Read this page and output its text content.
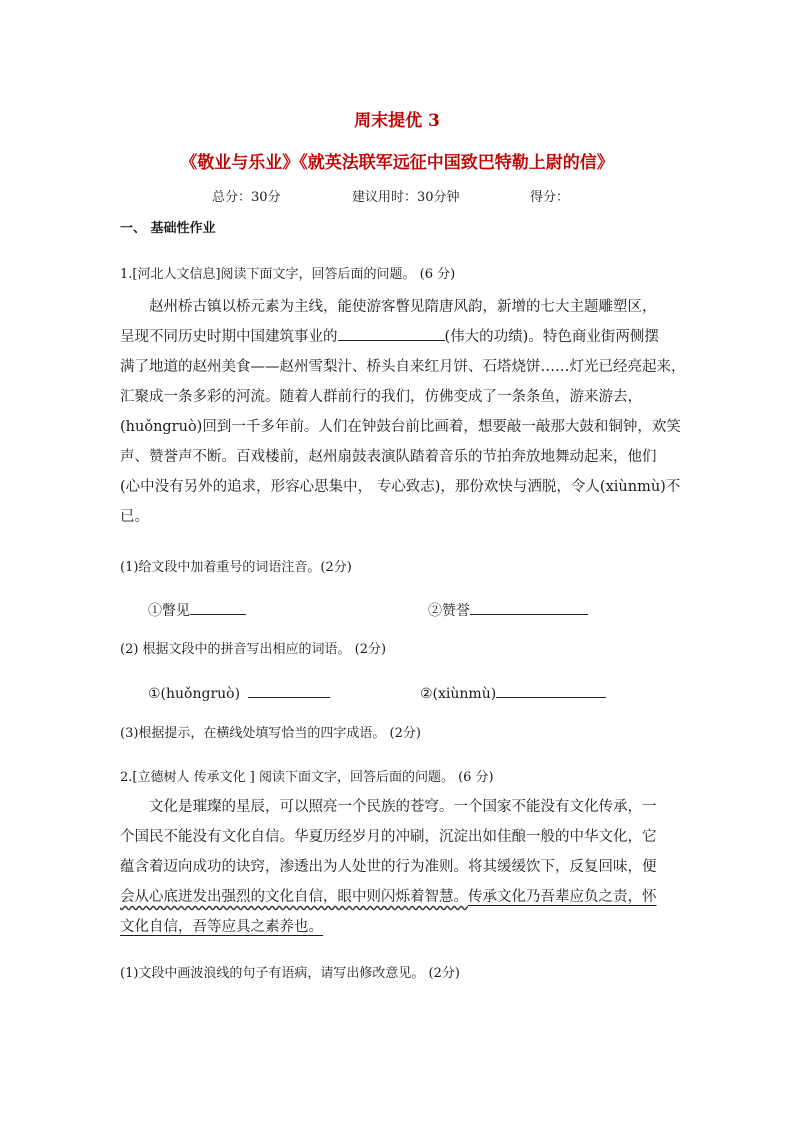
周末提优 3
《敬业与乐业》《就英法联军远征中国致巴特勒上尉的信》
总分：30分	建议用时：30分钟	得分：
一、 基础性作业
1.[河北人文信息]阅读下面文字，回答后面的问题。 (6 分)
赵州桥古镇以桥元素为主线，能使游客瞥见隋唐风韵，新增的七大主题雕塑区，
呈现不同历史时期中国建筑事业的	(伟大的功绩)。特色商业街两侧摆
满了地道的赵州美食——赵州雪梨汁、桥头自来红月饼、石塔烧饼……灯光已经亮起来，
汇聚成一条多彩的河流。随着人群前行的我们，仿佛变成了一条条鱼，游来游去，
(huǒngruò)回到一千多年前。人们在钟鼓台前比画着，想要敲一敲那大鼓和铜钟，欢笑
声、赞誉声不断。百戏楼前，赵州扇鼓表演队踏着音乐的节拍奔放地舞动起来，他们
(心中没有另外的追求，形容心思集中， 专心致志)，那份欢快与洒脱，令人(xiùnmù)不
已。
(1)给文段中加着重号的词语注音。(2分)
①瞥见	②赞誉
(2) 根据文段中的拼音写出相应的词语。 (2分)
①(huǒngruò)	②(xiùnmù)
(3)根据提示，在横线处填写恰当的四字成语。 (2分)
2.[立德树人 传承文化 ] 阅读下面文字，回答后面的问题。 (6 分)
文化是璀璨的星辰，可以照亮一个民族的苍穹。一个国家不能没有文化传承，一
个国民不能没有文化自信。华夏历经岁月的冲刷，沉淀出如佳酿一般的中华文化，它
蕴含着迈向成功的诀窍，渗透出为人处世的行为准则。将其缓缓饮下，反复回味，便
会从心底迸发出强烈的文化自信，眼中则闪烁着智慧。传承文化乃吾辈应负之责，怀
文化自信，吾等应具之素养也。
(1)文段中画波浪线的句子有语病，请写出修改意见。 (2分)
